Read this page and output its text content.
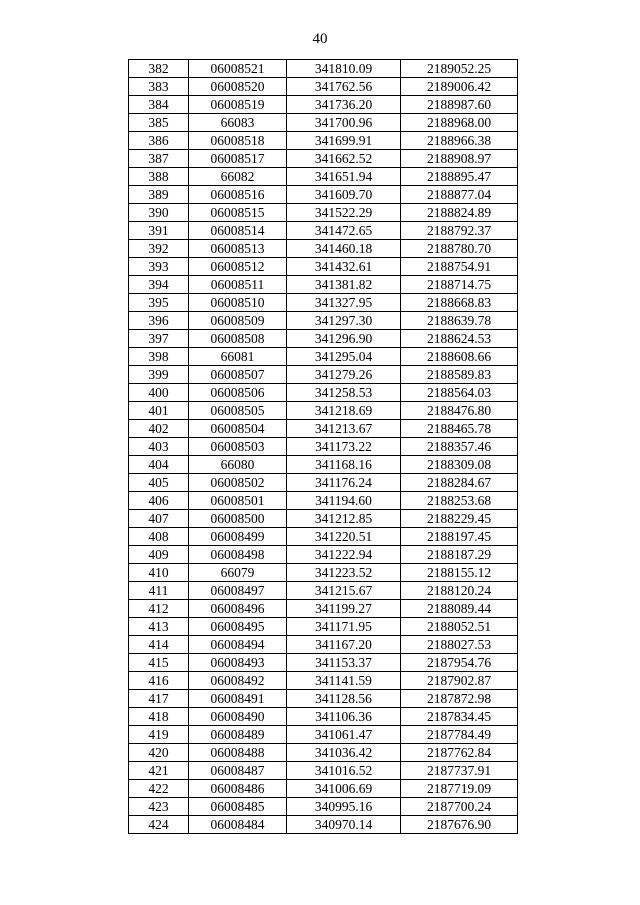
40
382	06008521	341810.09	2189052.25
383	06008520	341762.56	2189006.42
384	06008519	341736.20	2188987.60
385	66083	341700.96	2188968.00
386	06008518	341699.91	2188966.38
387	06008517	341662.52	2188908.97
388	66082	341651.94	2188895.47
389	06008516	341609.70	2188877.04
390	06008515	341522.29	2188824.89
391	06008514	341472.65	2188792.37
392	06008513	341460.18	2188780.70
393	06008512	341432.61	2188754.91
394	06008511	341381.82	2188714.75
395	06008510	341327.95	2188668.83
396	06008509	341297.30	2188639.78
397	06008508	341296.90	2188624.53
398	66081	341295.04	2188608.66
399	06008507	341279.26	2188589.83
400	06008506	341258.53	2188564.03
401	06008505	341218.69	2188476.80
402	06008504	341213.67	2188465.78
403	06008503	341173.22	2188357.46
404	66080	341168.16	2188309.08
405	06008502	341176.24	2188284.67
406	06008501	341194.60	2188253.68
407	06008500	341212.85	2188229.45
408	06008499	341220.51	2188197.45
409	06008498	341222.94	2188187.29
410	66079	341223.52	2188155.12
411	06008497	341215.67	2188120.24
412	06008496	341199.27	2188089.44
413	06008495	341171.95	2188052.51
414	06008494	341167.20	2188027.53
415	06008493	341153.37	2187954.76
416	06008492	341141.59	2187902.87
417	06008491	341128.56	2187872.98
418	06008490	341106.36	2187834.45
419	06008489	341061.47	2187784.49
420	06008488	341036.42	2187762.84
421	06008487	341016.52	2187737.91
422	06008486	341006.69	2187719.09
423	06008485	340995.16	2187700.24
424	06008484	340970.14	2187676.90
